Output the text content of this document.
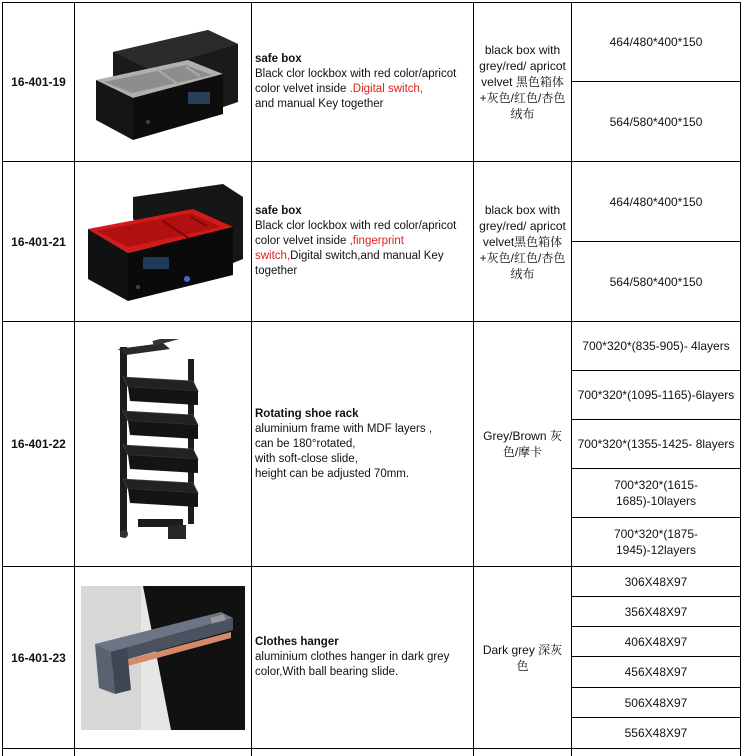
16-401-19
safe box
Black clor lockbox with red color/apricot color velvet inside .Digital switch,
and manual Key together
black box with grey/red/ apricot velvet 黑色箱体+灰色/红色/杏色绒布
464/480*400*150
564/580*400*150
16-401-21
safe box
Black clor lockbox with red color/apricot color velvet inside ,fingerprint switch,Digital switch,and manual Key together
black box with grey/red/ apricot velvet黑色箱体+灰色/红色/杏色绒布
464/480*400*150
564/580*400*150
16-401-22
Rotating shoe rack
aluminium frame with MDF layers ,
can be 180°rotated,
with soft-close slide,
height can be adjusted 70mm.
Grey/Brown 灰色/摩卡
700*320*(835-905)- 4layers
700*320*(1095-1165)-6layers
700*320*(1355-1425- 8layers
700*320*(1615-1685)-10layers
700*320*(1875-1945)-12layers
16-401-23
Clothes hanger
aluminium clothes hanger in dark grey color,With ball bearing slide.
Dark grey 深灰色
306X48X97
356X48X97
406X48X97
456X48X97
506X48X97
556X48X97
